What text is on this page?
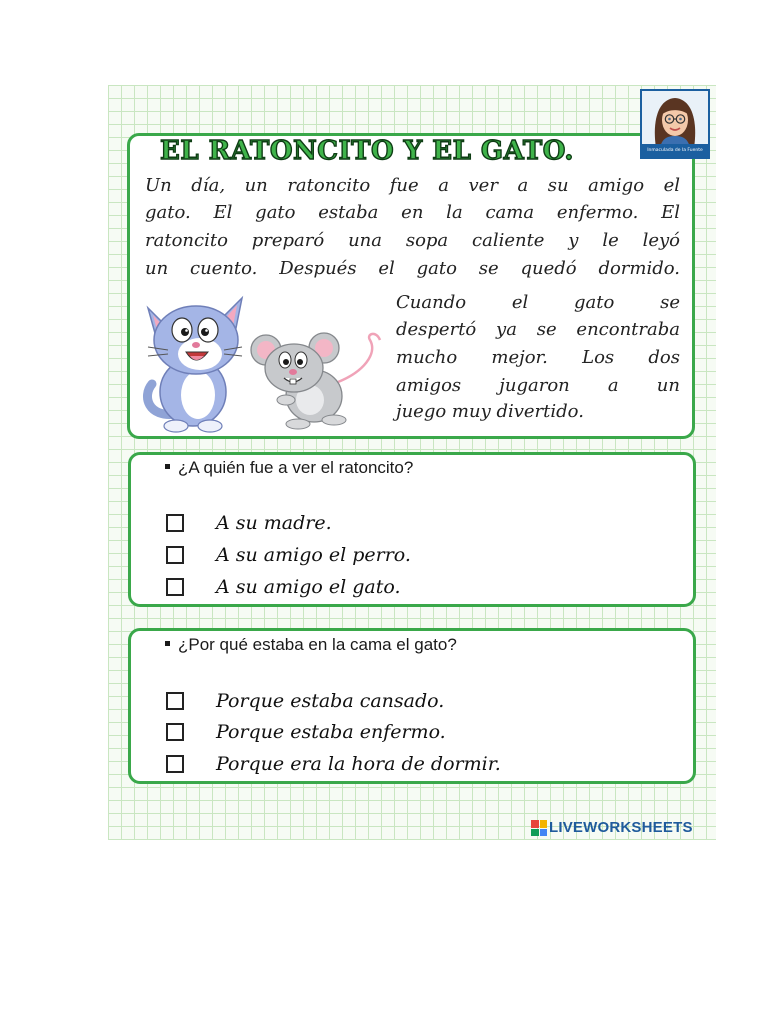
EL RATONCITO Y EL GATO.	Inmaculada de la Fuente
Un día, un ratoncito fue a ver a su amigo el
gato. El gato estaba en la cama enfermo. El
ratoncito preparó una sopa caliente y le leyó
un cuento. Después el gato se quedó dormido.
Cuando el gato se
despertó ya se encontraba
mucho mejor. Los dos
amigos jugaron a un
juego muy divertido.
¿A quién fue a ver el ratoncito?
A su madre.
A su amigo el perro.
A su amigo el gato.
¿Por qué estaba en la cama el gato?
Porque estaba cansado.
Porque estaba enfermo.
Porque era la hora de dormir.
LIVEWORKSHEETS
